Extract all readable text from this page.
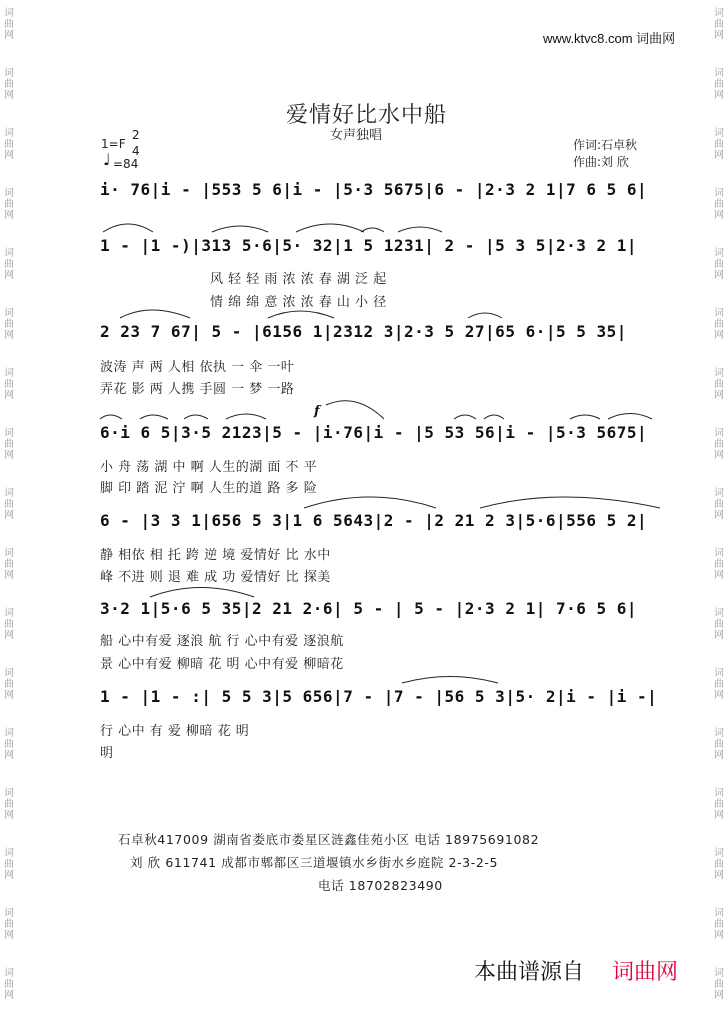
词曲网
词曲网
词曲网
词曲网
词曲网
词曲网
词曲网
词曲网
词曲网
词曲网
词曲网
词曲网
词曲网
词曲网
词曲网
词曲网
词曲网
词曲网
词曲网
词曲网
词曲网
词曲网
词曲网
词曲网
词曲网
词曲网
词曲网
词曲网
词曲网
词曲网
词曲网
词曲网
词曲网
词曲网
www.ktvc8.com 词曲网
爱情好比水中船
女声独唱
1=F
2
4
♩ =84
作词:石卓秋
作曲:刘 欣
i· 76|i - |553 5 6|i - |5·3 5675|6 - |2·3 2 1|7 6 5 6|
1 - |1 -)|313 5·6|5· 32|1 5 1231| 2 - |5 3 5|2·3 2 1|
风 轻 轻 雨 浓 浓 春 湖 泛 起
情 绵 绵 意 浓 浓 春 山 小 径
2 23 7 67| 5 - |6156 1|2312 3|2·3 5 27|65 6·|5 5 35|
波涛 声 两 人相 依执 一 伞 一叶
弄花 影 两 人携 手圆 一 梦 一路
6·i 6 5|3·5 2123|5 - |i·76|i - |5 53 56|i - |5·3 5675|
小 舟 荡 湖 中 啊 人生的湖 面 不 平
脚 印 踏 泥 泞 啊 人生的道 路 多 险
6 - |3 3 1|656 5 3|1 6 5643|2 - |2 21 2 3|5·6|556 5 2|
静 相依 相 托 跨 逆 境 爱情好 比 水中
峰 不进 则 退 难 成 功 爱情好 比 探美
3·2 1|5·6 5 35|2 21 2·6| 5 - | 5 - |2·3 2 1| 7·6 5 6|
船 心中有爱 逐浪 航 行 心中有爱 逐浪航
景 心中有爱 柳暗 花 明 心中有爱 柳暗花
1 - |1 - :| 5 5 3|5 656|7 - |7 - |56 5 3|5· 2|i - |i -|
行 心中 有 爱 柳暗 花 明
明
f
石卓秋417009 湖南省娄底市娄星区涟鑫佳苑小区 电话 18975691082
刘 欣 611741 成都市郫都区三道堰镇水乡街水乡庭院 2-3-2-5
电话 18702823490
本曲谱源自 词曲网
